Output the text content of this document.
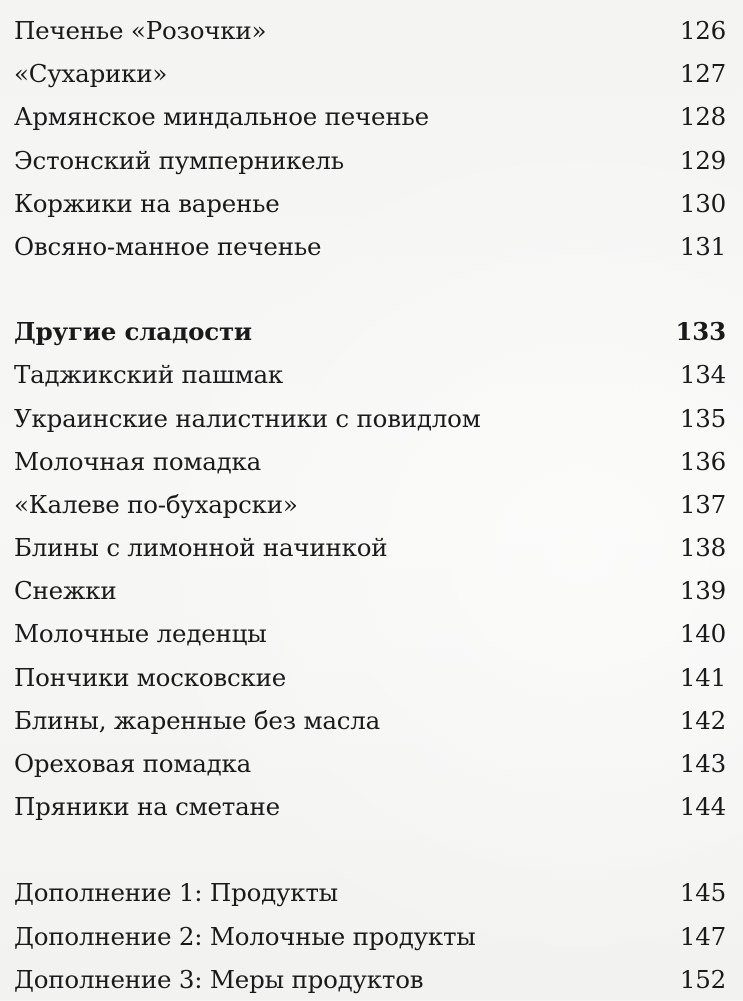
Печенье «Розочки»	126
«Сухарики»	127
Армянское миндальное печенье	128
Эстонский пумперникель	129
Коржики на варенье	130
Овсяно-манное печенье	131
Другие сладости	133
Таджикский пашмак	134
Украинские налистники с повидлом	135
Молочная помадка	136
«Калеве по-бухарски»	137
Блины с лимонной начинкой	138
Снежки	139
Молочные леденцы	140
Пончики московские	141
Блины, жаренные без масла	142
Ореховая помадка	143
Пряники на сметане	144
Дополнение 1: Продукты	145
Дополнение 2: Молочные продукты	147
Дополнение 3: Меры продуктов	152
